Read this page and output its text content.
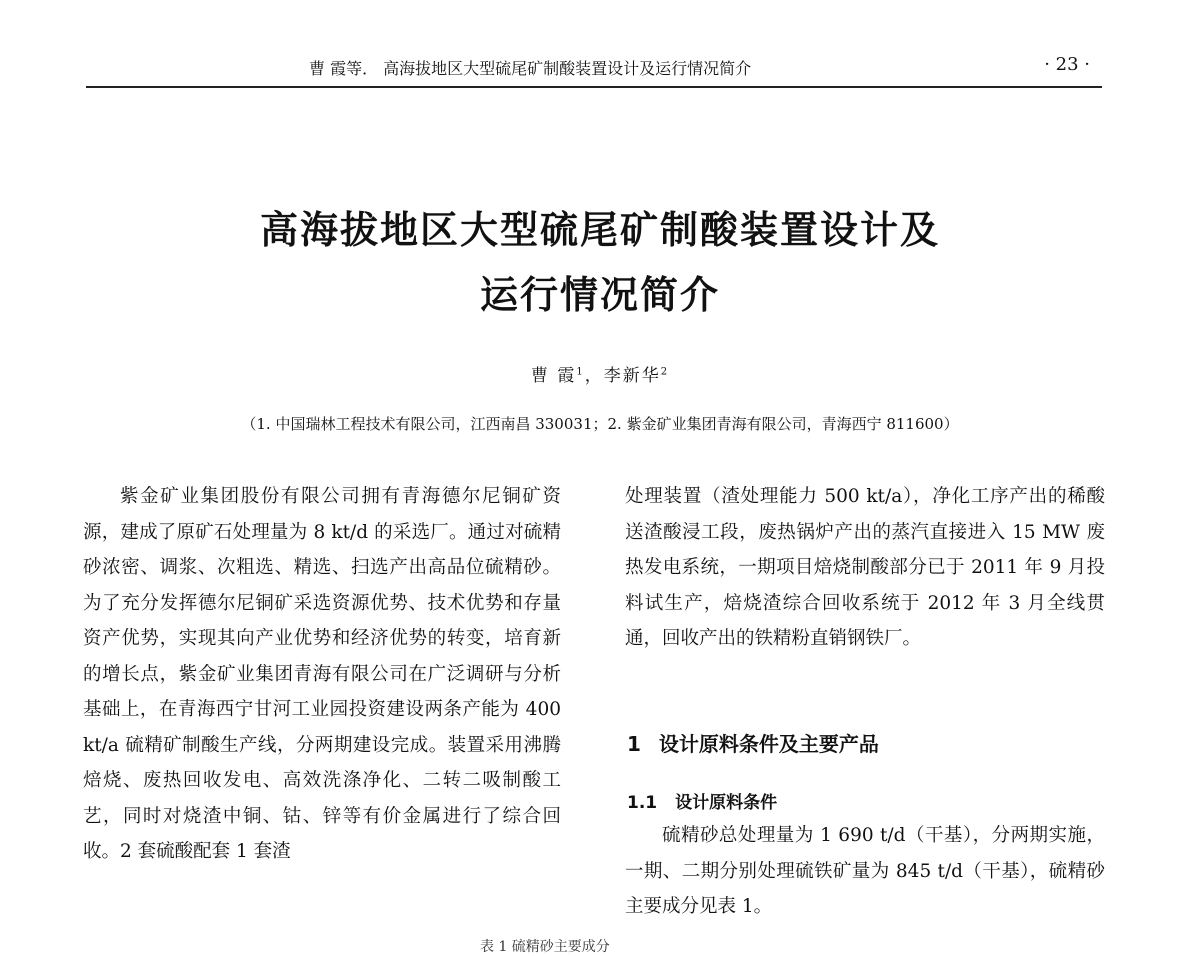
曹 霞等． 高海拔地区大型硫尾矿制酸装置设计及运行情况简介	· 23 ·
高海拔地区大型硫尾矿制酸装置设计及
运行情况简介
曹 霞$^1$，李新华$^2$
（1. 中国瑞林工程技术有限公司，江西南昌 330031；2. 紫金矿业集团青海有限公司，青海西宁 811600）

紫金矿业集团股份有限公司拥有青海德尔尼铜矿资源，建成了原矿石处理量为 8 kt/d 的采选厂。通过对硫精砂浓密、调浆、次粗选、精选、扫选产出高品位硫精砂。为了充分发挥德尔尼铜矿采选资源优势、技术优势和存量资产优势，实现其向产业优势和经济优势的转变，培育新的增长点，紫金矿业集团青海有限公司在广泛调研与分析基础上，在青海西宁甘河工业园投资建设两条产能为 400 kt/a 硫精矿制酸生产线，分两期建设完成。装置采用沸腾焙烧、废热回收发电、高效洗涤净化、二转二吸制酸工艺，同时对烧渣中铜、钴、锌等有价金属进行了综合回收。2 套硫酸配套 1 套渣

处理装置（渣处理能力 500 kt/a），净化工序产出的稀酸送渣酸浸工段，废热锅炉产出的蒸汽直接进入 15 MW 废热发电系统，一期项目焙烧制酸部分已于 2011 年 9 月投料试生产，焙烧渣综合回收系统于 2012 年 3 月全线贯通，回收产出的铁精粉直销钢铁厂。

1 设计原料条件及主要产品
1.1 设计原料条件

硫精砂总处理量为 1 690 t/d（干基），分两期实施，一期、二期分别处理硫铁矿量为 845 t/d（干基），硫精砂主要成分见表 1。

表 1 硫精砂主要成分
